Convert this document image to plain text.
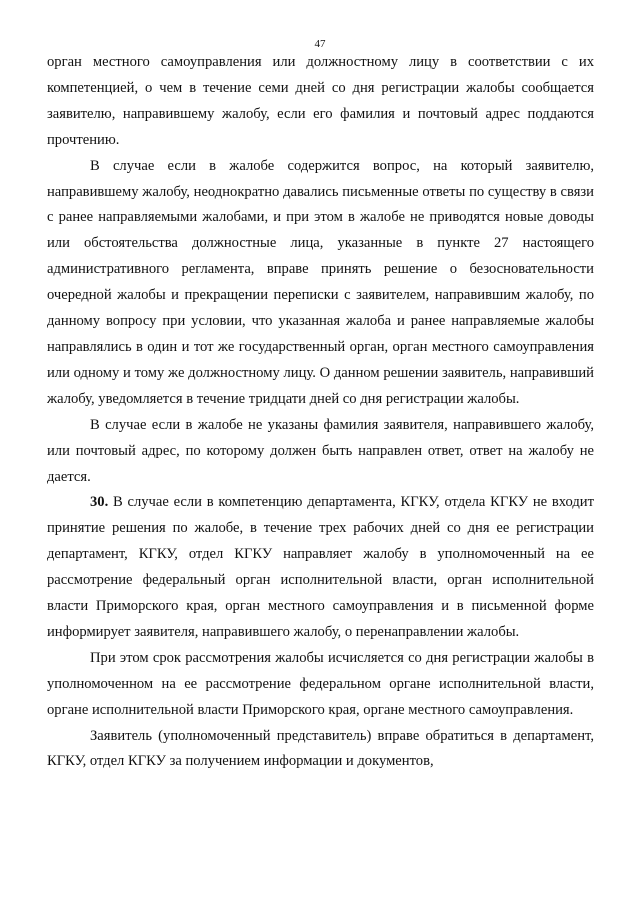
47

орган местного самоуправления или должностному лицу в соответствии с их компетенцией, о чем в течение семи дней со дня регистрации жалобы сообщается заявителю, направившему жалобу, если его фамилия и почтовый адрес поддаются прочтению.

В случае если в жалобе содержится вопрос, на который заявителю, направившему жалобу, неоднократно давались письменные ответы по существу в связи с ранее направляемыми жалобами, и при этом в жалобе не приводятся новые доводы или обстоятельства должностные лица, указанные в пункте 27 настоящего административного регламента, вправе принять решение о безосновательности очередной жалобы и прекращении переписки с заявителем, направившим жалобу, по данному вопросу при условии, что указанная жалоба и ранее направляемые жалобы направлялись в один и тот же государственный орган, орган местного самоуправления или одному и тому же должностному лицу. О данном решении заявитель, направивший жалобу, уведомляется в течение тридцати дней со дня регистрации жалобы.

В случае если в жалобе не указаны фамилия заявителя, направившего жалобу, или почтовый адрес, по которому должен быть направлен ответ, ответ на жалобу не дается.

30. В случае если в компетенцию департамента, КГКУ, отдела КГКУ не входит принятие решения по жалобе, в течение трех рабочих дней со дня ее регистрации департамент, КГКУ, отдел КГКУ направляет жалобу в уполномоченный на ее рассмотрение федеральный орган исполнительной власти, орган исполнительной власти Приморского края, орган местного самоуправления и в письменной форме информирует заявителя, направившего жалобу, о перенаправлении жалобы.

При этом срок рассмотрения жалобы исчисляется со дня регистрации жалобы в уполномоченном на ее рассмотрение федеральном органе исполнительной власти, органе исполнительной власти Приморского края, органе местного самоуправления.

Заявитель (уполномоченный представитель) вправе обратиться в департамент, КГКУ, отдел КГКУ за получением информации и документов,
